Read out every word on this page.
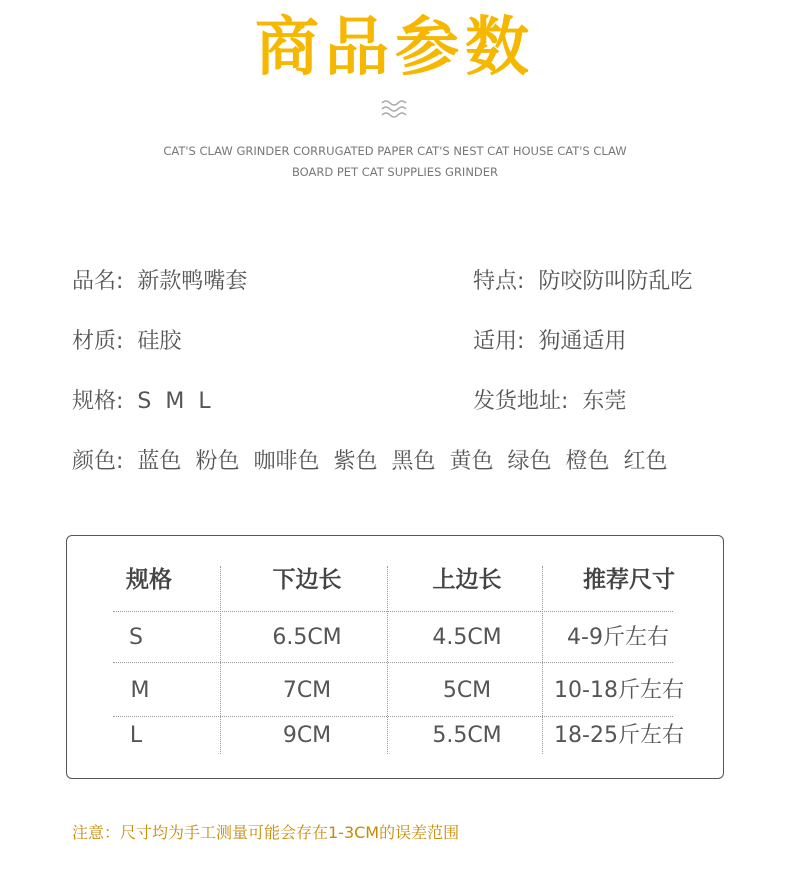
商品参数
CAT'S CLAW GRINDER CORRUGATED PAPER CAT'S NEST CAT HOUSE CAT'S CLAW
BOARD PET CAT SUPPLIES GRINDER
品名: 新款鸭嘴套	特点: 防咬防叫防乱吃
材质: 硅胶	适用: 狗通适用
规格: S  M  L	发货地址: 东莞
颜色: 蓝色 粉色 咖啡色 紫色 黑色 黄色 绿色 橙色 红色
规格	下边长	上边长	推荐尺寸
S	6.5CM	4.5CM	4-9斤左右
M	7CM	5CM	10-18斤左右
L	9CM	5.5CM	18-25斤左右
注意：尺寸均为手工测量可能会存在1-3CM的误差范围
